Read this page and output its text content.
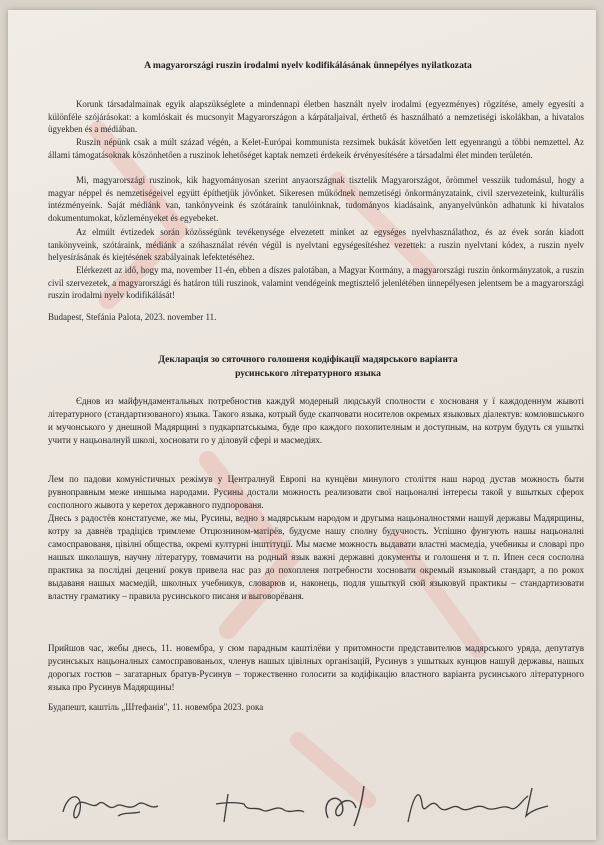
A magyarországi ruszin irodalmi nyelv kodifikálásának ünnepélyes nyilatkozata

Korunk társadalmainak egyik alapszükséglete a mindennapi életben használt nyelv irodalmi (egyezményes) rögzítése, amely egyesíti a különféle szójárásokat: a komlóskait és mucsonyit Magyarországon a kárpátaljaival, érthető és használható a nemzetiségi iskolákban, a hivatalos ügyekben és a médiában.

Ruszin népünk csak a múlt század végén, a Kelet-Európai kommunista rezsimek bukását követően lett egyenrangú a többi nemzettel. Az állami támogatásoknak köszönhetően a ruszinok lehetőséget kaptak nemzeti érdekeik érvényesítésére a társadalmi élet minden területén.

Mi, magyarországi ruszinok, kik hagyományosan szerint anyaországnak tisztelik Magyarországot, örömmel vesszük tudomásul, hogy a magyar néppel és nemzetiségeivel együtt építhetjük jövőnket. Sikeresen működnek nemzetiségi önkormányzataink, civil szervezeteink, kulturális intézményeink. Saját médiánk van, tankönyveink és szótáraink tanulóinknak, tudományos kiadásaink, anyanyelvünkön adhatunk ki hivatalos dokumentumokat, közleményeket és egyebeket.

Az elmúlt évtizedek során közösségünk tevékenysége elvezetett minket az egységes nyelvhasználathoz, és az évek során kiadott tankönyveink, szótáraink, médiánk a szóhasználat révén végül is nyelvtani egységesítéshez vezettek: a ruszin nyelvtani kódex, a ruszin nyelv helyesírásának és kiejtésének szabályainak lefektetéséhez.

Elérkezett az idő, hogy ma, november 11-én, ebben a díszes palotában, a Magyar Kormány, a magyarországi ruszin önkormányzatok, a ruszin civil szervezetek, a magyarországi és határon túli ruszinok, valamint vendégeink megtisztelő jelenlétében ünnepélyesen jelentsem be a magyarországi ruszin irodalmi nyelv kodifikálását!

Budapest, Stefánia Palota, 2023. november 11.
Декларація зо сяточного голошеня кодіфікації мадярського варіанта
русинського літературного языка

Єднов из майфундаментальных потребностив каждуй модерный людськуй сполности є хоснованя у ї каждоденнум жывоті літературного (стандартизованого) языка. Такого языка, котрый буде скапчовати носителов окремых языковых діалектув: комловшського и мучонського у днешной Мадярщині з пудкарпатськыма, буде про каждого похопителным и доступным, на котрум будуть ся ушыткі учити у нацьоналнуй школі, хосновати го у діловуй сфері и масмедіях.

Лем по падови комуністичных режімув у Централнуй Европі на кунцёви минулого століття наш народ дустав можность быти рувноправным меже иншыма народами. Русины достали можность реализовати свої нацьоналні інтересы такой у вшыткых сферох сосполного жывота у керетох державного пудпорованя.

Днесь з радостёв констатуєме, же мы, Русины, ведно з мадярськым народом и другыма нацьоналностями нашуй державы Мадярщины, котру за давнёв традіцієв тримлеме Отцюзнином-матірёв, будуєме нашу сполну будучность. Успішно фунгують нашы нацьоналні самосправованя, цівілні общества, окремі културні інштітуції. Мы маєме можность выдавати властні масмедіа, учебникы и словарі про нашых школашув, научну літературу, товмачити на родный язык важні державні документы и голошеня и т. п. Ипен сеся сосполна практика за послідні децениї рокув привела нас раз до похопленя потребности хосновати окремый языковый стандарт, а по рокох выдаваня нашых масмедій, школных учебникув, словарюв и, наконець, подля ушыткуй сюй языковуй практикы – стандартизовати властну граматику – правила русинського писаня и выговорёваня.

Прийшов час, жебы днесь, 11. новембра, у сюм парадным каштілёви у притомности представителюв мадярського уряда, депутатув русинськых нацьоналных самосправованьох, членув нашых цівілных організацій, Русинув з ушыткых кунцюв нашуй державы, нашых дорогых гостюв – загатарных братув-Русинув – торжественно голосити за кодіфікацію властного варіанта русинського літературного языка про Русинув Мадярщины!

Будапешт, каштіль „Штефанія", 11. новембра 2023. рока
